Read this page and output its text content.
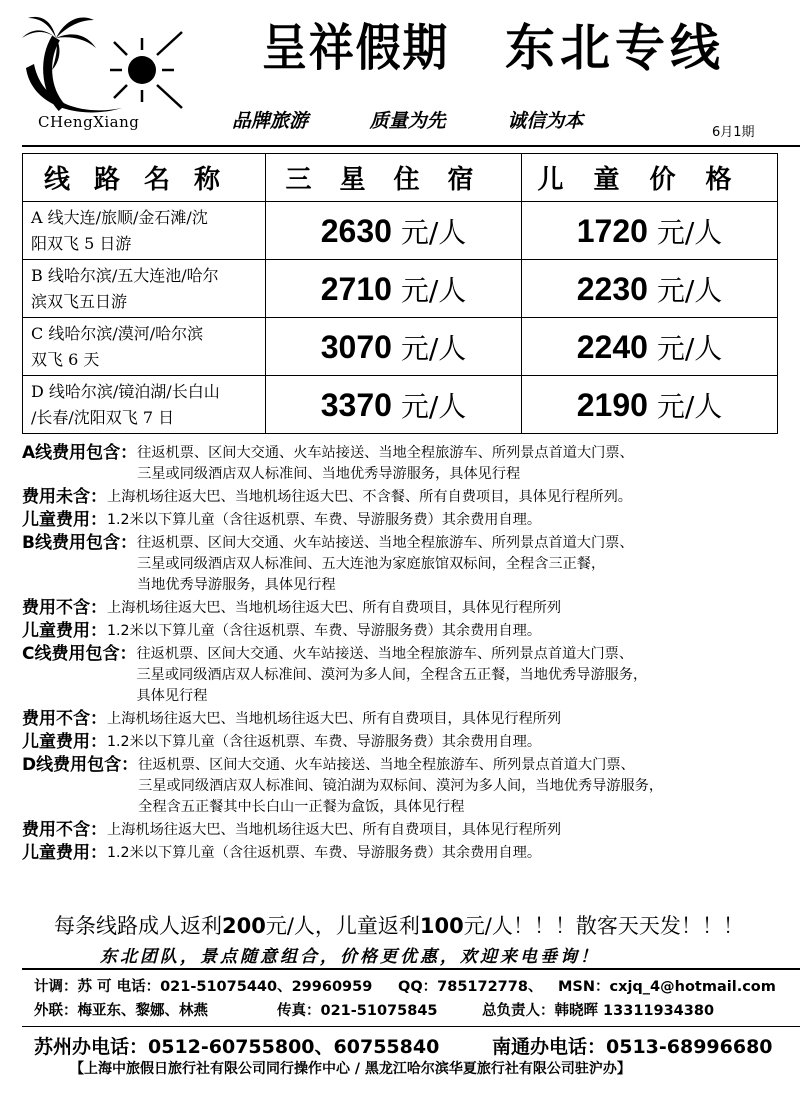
CHengXiang
呈祥假期 东北专线
品牌旅游	质量为先	诚信为本
6月1期
线路名称	三星住宿	儿童价格
A 线大连/旅顺/金石滩/沈
阳双飞 5 日游	2630 元/人	1720 元/人
B 线哈尔滨/五大连池/哈尔
滨双飞五日游	2710 元/人	2230 元/人
C 线哈尔滨/漠河/哈尔滨
双飞 6 天	3070 元/人	2240 元/人
D 线哈尔滨/镜泊湖/长白山
/长春/沈阳双飞 7 日	3370 元/人	2190 元/人
A线费用包含 ：	往返机票、区间大交通、火车站接送、当地全程旅游车、所列景点首道大门票、
三星或同级酒店双人标准间、当地优秀导游服务，具体见行程
费用未含 ：	上海机场往返大巴、当地机场往返大巴、不含餐、所有自费项目，具体见行程所列。
儿童费用 ：	1.2米以下算儿童（含往返机票、车费、导游服务费）其余费用自理。
B线费用包含 ：	往返机票、区间大交通、火车站接送、当地全程旅游车、所列景点首道大门票、
三星或同级酒店双人标准间、五大连池为家庭旅馆双标间，全程含三正餐，
当地优秀导游服务，具体见行程
费用不含 ：	上海机场往返大巴、当地机场往返大巴、所有自费项目，具体见行程所列
儿童费用 ：	1.2米以下算儿童（含往返机票、车费、导游服务费）其余费用自理。
C线费用包含 ：	往返机票、区间大交通、火车站接送、当地全程旅游车、所列景点首道大门票、
三星或同级酒店双人标准间、漠河为多人间，全程含五正餐，当地优秀导游服务，
具体见行程
费用不含 ：	上海机场往返大巴、当地机场往返大巴、所有自费项目，具体见行程所列
儿童费用 ：	1.2米以下算儿童（含往返机票、车费、导游服务费）其余费用自理。
D线费用包含 ：	往返机票、区间大交通、火车站接送、当地全程旅游车、所列景点首道大门票、
三星或同级酒店双人标准间、镜泊湖为双标间、漠河为多人间，当地优秀导游服务，
全程含五正餐其中长白山一正餐为盒饭，具体见行程
费用不含 ：	上海机场往返大巴、当地机场往返大巴、所有自费项目，具体见行程所列
儿童费用 ：	1.2米以下算儿童（含往返机票、车费、导游服务费）其余费用自理。
每条线路成人返利200元/人，儿童返利100元/人！！！散客天天发！！！
东北团队，景点随意组合，价格更优惠，欢迎来电垂询！
计调：苏 可 电话：021-51075440、29960959 QQ：785172778、 MSN：cxjq_4@hotmail.com
外联：梅亚东、黎娜、林燕	传真：021-51075845	总负责人：韩晓晖 13311934380
苏州办电话：0512-60755800、60755840	南通办电话：0513-68996680
【上海中旅假日旅行社有限公司同行操作中心 / 黑龙江哈尔滨华夏旅行社有限公司驻沪办】
